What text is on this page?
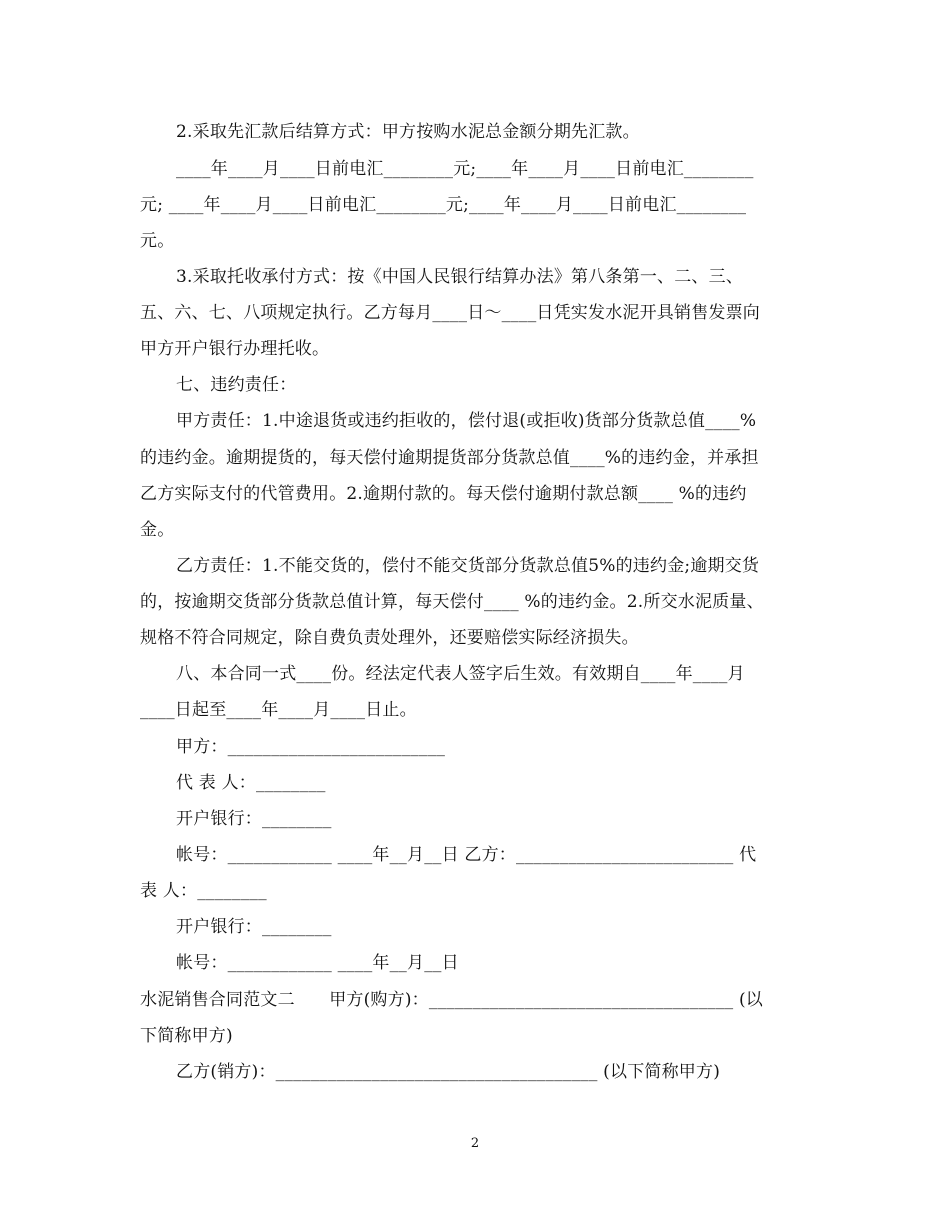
2.采取先汇款后结算方式：甲方按购水泥总金额分期先汇款。
____年____月____日前电汇________元;____年____月____日前电汇________
元; ____年____月____日前电汇________元;____年____月____日前电汇________
元。
3.采取托收承付方式：按《中国人民银行结算办法》第八条第一、二、三、
五、六、七、八项规定执行。乙方每月____日～____日凭实发水泥开具销售发票向
甲方开户银行办理托收。
七、违约责任：
甲方责任：1.中途退货或违约拒收的，偿付退(或拒收)货部分货款总值____%
的违约金。逾期提货的，每天偿付逾期提货部分货款总值____%的违约金，并承担
乙方实际支付的代管费用。2.逾期付款的。每天偿付逾期付款总额____ %的违约
金。
乙方责任：1.不能交货的，偿付不能交货部分货款总值5%的违约金;逾期交货
的，按逾期交货部分货款总值计算，每天偿付____ %的违约金。2.所交水泥质量、
规格不符合同规定，除自费负责处理外，还要赔偿实际经济损失。
八、本合同一式____份。经法定代表人签字后生效。有效期自____年____月
____日起至____年____月____日止。
甲方：_________________________
代 表 人：________
开户银行：________
帐号：____________ ____年__月__日 乙方：_________________________ 代
表 人：________
开户银行：________
帐号：____________ ____年__月__日
水泥销售合同范文二　　甲方(购方)：___________________________________ (以
下简称甲方)
乙方(销方)：_____________________________________ (以下简称甲方)
2
